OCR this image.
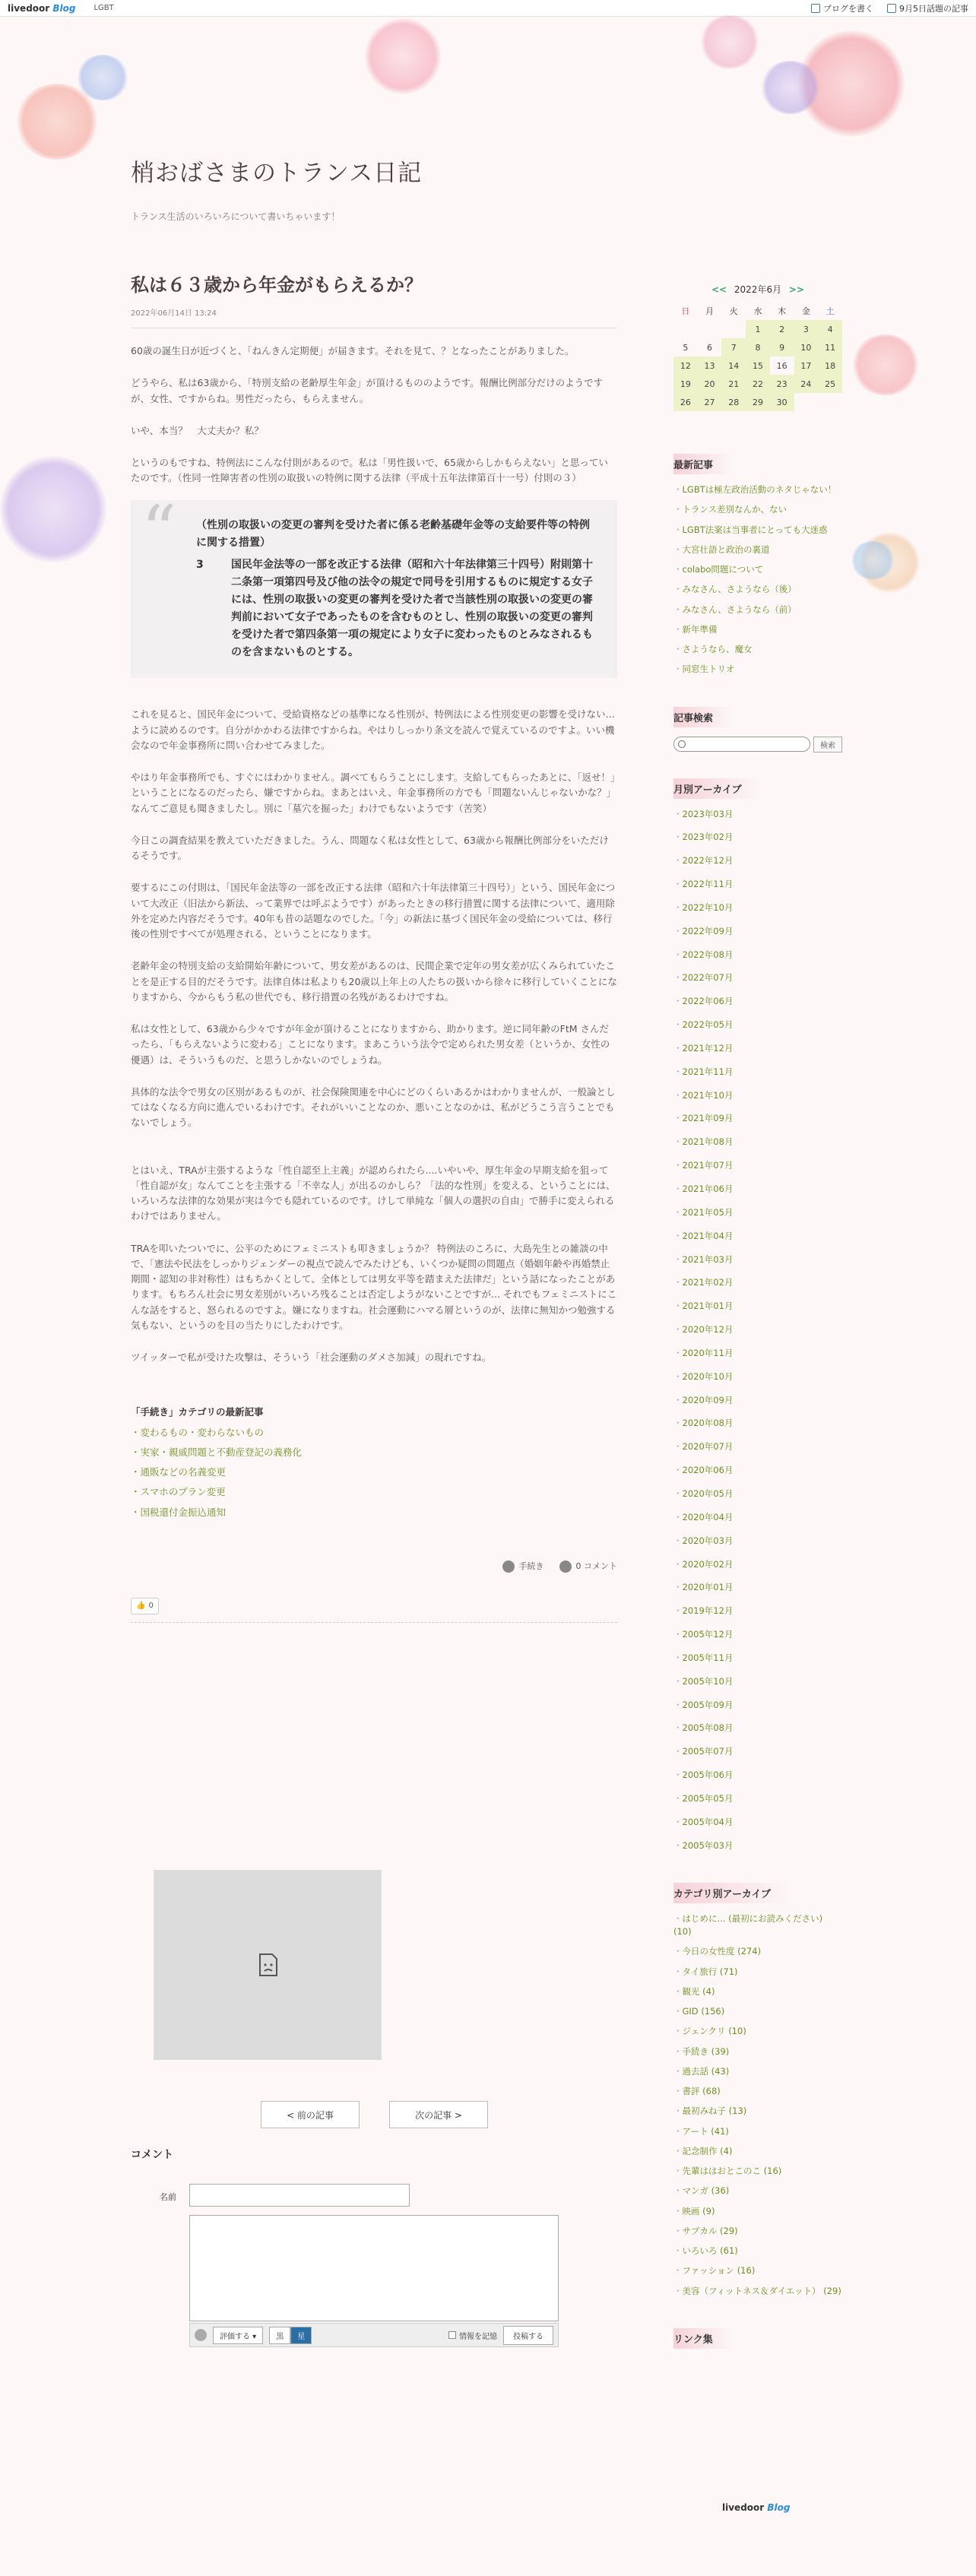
livedoor Blog LGBT	ブログを書く	9月5日話題の記事
梢おばさまのトランス日記
トランス生活のいろいろについて書いちゃいます！
私は６３歳から年金がもらえるか？
2022年06月14日 13:24

60歳の誕生日が近づくと、「ねんきん定期便」が届きます。それを見て、？となったことがありました。

どうやら、私は63歳から、「特別支給の老齢厚生年金」が頂けるもののようです。報酬比例部分だけのようですが、女性、ですからね。男性だったら、もらえません。

いや、本当？　大丈夫か？私？

というのもですね、特例法にこんな付則があるので。私は「男性扱いで、65歳からしかもらえない」と思っていたのです。（性同一性障害者の性別の取扱いの特例に関する法律（平成十五年法律第百十一号）付則の３）

“ （性別の取扱いの変更の審判を受けた者に係る老齢基礎年金等の支給要件等の特例に関する措置）
3	国民年金法等の一部を改正する法律（昭和六十年法律第三十四号）附則第十二条第一項第四号及び他の法令の規定で同号を引用するものに規定する女子には、性別の取扱いの変更の審判を受けた者で当該性別の取扱いの変更の審判前において女子であったものを含むものとし、性別の取扱いの変更の審判を受けた者で第四条第一項の規定により女子に変わったものとみなされるものを含まないものとする。

これを見ると、国民年金について、受給資格などの基準になる性別が、特例法による性別変更の影響を受けない…ように読めるのです。自分がかかわる法律ですからね。やはりしっかり条文を読んで覚えているのですよ。いい機会なので年金事務所に問い合わせてみました。

やはり年金事務所でも、すぐにはわかりません。調べてもらうことにします。支給してもらったあとに、「返せ！」ということになるのだったら、嫌ですからね。まあとはいえ、年金事務所の方でも「問題ないんじゃないかな？」なんてご意見も聞きましたし。別に「墓穴を掘った」わけでもないようです（苦笑）

今日この調査結果を教えていただきました。うん、問題なく私は女性として、63歳から報酬比例部分をいただけるそうです。

要するにこの付則は、「国民年金法等の一部を改正する法律（昭和六十年法律第三十四号）」という、国民年金について大改正（旧法から新法、って業界では呼ぶようです）があったときの移行措置に関する法律について、適用除外を定めた内容だそうです。40年も昔の話題なのでした。「今」の新法に基づく国民年金の受給については、移行後の性別ですべてが処理される、ということになります。

老齢年金の特別支給の支給開始年齢について、男女差があるのは、民間企業で定年の男女差が広くみられていたことを是正する目的だそうです。法律自体は私よりも20歳以上年上の人たちの扱いから徐々に移行していくことになりますから、今からもう私の世代でも、移行措置の名残があるわけですね。

私は女性として、63歳から少々ですが年金が頂けることになりますから、助かります。逆に同年齢のFtM さんだったら、「もらえないように変わる」ことになります。まあこういう法令で定められた男女差（というか、女性の優遇）は、そういうものだ、と思うしかないのでしょうね。

具体的な法令で男女の区別があるものが、社会保険関連を中心にどのくらいあるかはわかりませんが、一般論としてはなくなる方向に進んでいるわけです。それがいいことなのか、悪いことなのかは、私がどうこう言うことでもないでしょう。

とはいえ、TRAが主張するような「性自認至上主義」が認められたら....いやいや、厚生年金の早期支給を狙って「性自認が女」なんてことを主張する「不幸な人」が出るのかしら？「法的な性別」を変える、ということには、いろいろな法律的な効果が実は今でも隠れているのです。けして単純な「個人の選択の自由」で勝手に変えられるわけではありません。

TRAを叩いたついでに、公平のためにフェミニストも叩きましょうか？ 特例法のころに、大島先生との雑談の中で、「憲法や民法をしっかりジェンダーの視点で読んでみたけども、いくつか疑問の問題点（婚姻年齢や再婚禁止期間・認知の非対称性）はもちかくとして、全体としては男女平等を踏まえた法律だ」という話になったことがあります。もちろん社会に男女差別がいろいろ残ることは否定しようがないことですが... それでもフェミニストにこんな話をすると、怒られるのですよ。嫌になりますね。社会運動にハマる層というのが、法律に無知かつ勉強する気もない、というのを目の当たりにしたわけです。

ツイッターで私が受けた攻撃は、そういう「社会運動のダメさ加減」の現れですね。

「手続き」カテゴリの最新記事
・ 変わるもの・変わらないもの
・ 実家・親戚問題と不動産登記の義務化
・ 通販などの名義変更
・ スマホのプラン変更
・ 国税還付金振込通知
手続き	0 コメント
👍 0
< 前の記事	次の記事 >
コメント
名前
評価する ▾	黒	星	情報を記憶	投稿する
<< 2022年6月 >>
日	月	火	水	木	金	土
			1	2	3	4
5	6	7	8	9	10	11
12	13	14	15	16	17	18
19	20	21	22	23	24	25
26	27	28	29	30		
最新記事
・ LGBTは極左政治活動のネタじゃない！
・ トランス差別なんか、ない
・ LGBT法案は当事者にとっても大迷惑
・ 大宮壮語と政治の裏道
・ colabo問題について
・ みなさん、さようなら（後）
・ みなさん、さようなら（前）
・ 新年準備
・ さようなら、魔女
・ 同窓生トリオ
記事検索
検索
月別アーカイブ
・ 2023年03月
・ 2023年02月
・ 2022年12月
・ 2022年11月
・ 2022年10月
・ 2022年09月
・ 2022年08月
・ 2022年07月
・ 2022年06月
・ 2022年05月
・ 2021年12月
・ 2021年11月
・ 2021年10月
・ 2021年09月
・ 2021年08月
・ 2021年07月
・ 2021年06月
・ 2021年05月
・ 2021年04月
・ 2021年03月
・ 2021年02月
・ 2021年01月
・ 2020年12月
・ 2020年11月
・ 2020年10月
・ 2020年09月
・ 2020年08月
・ 2020年07月
・ 2020年06月
・ 2020年05月
・ 2020年04月
・ 2020年03月
・ 2020年02月
・ 2020年01月
・ 2019年12月
・ 2005年12月
・ 2005年11月
・ 2005年10月
・ 2005年09月
・ 2005年08月
・ 2005年07月
・ 2005年06月
・ 2005年05月
・ 2005年04月
・ 2005年03月
カテゴリ別アーカイブ
・ はじめに... (最初にお読みください) (10)
・ 今日の女性度 (274)
・ タイ旅行 (71)
・ 観光 (4)
・ GID (156)
・ ジェンクリ (10)
・ 手続き (39)
・ 過去話 (43)
・ 書評 (68)
・ 最初みね子 (13)
・ アート (41)
・ 記念制作 (4)
・ 先輩ははおとこのこ (16)
・ マンガ (36)
・ 映画 (9)
・ サブカル (29)
・ いろいろ (61)
・ ファッション (16)
・ 美容（フィットネス＆ダイエット） (29)
リンク集
livedoor Blog
